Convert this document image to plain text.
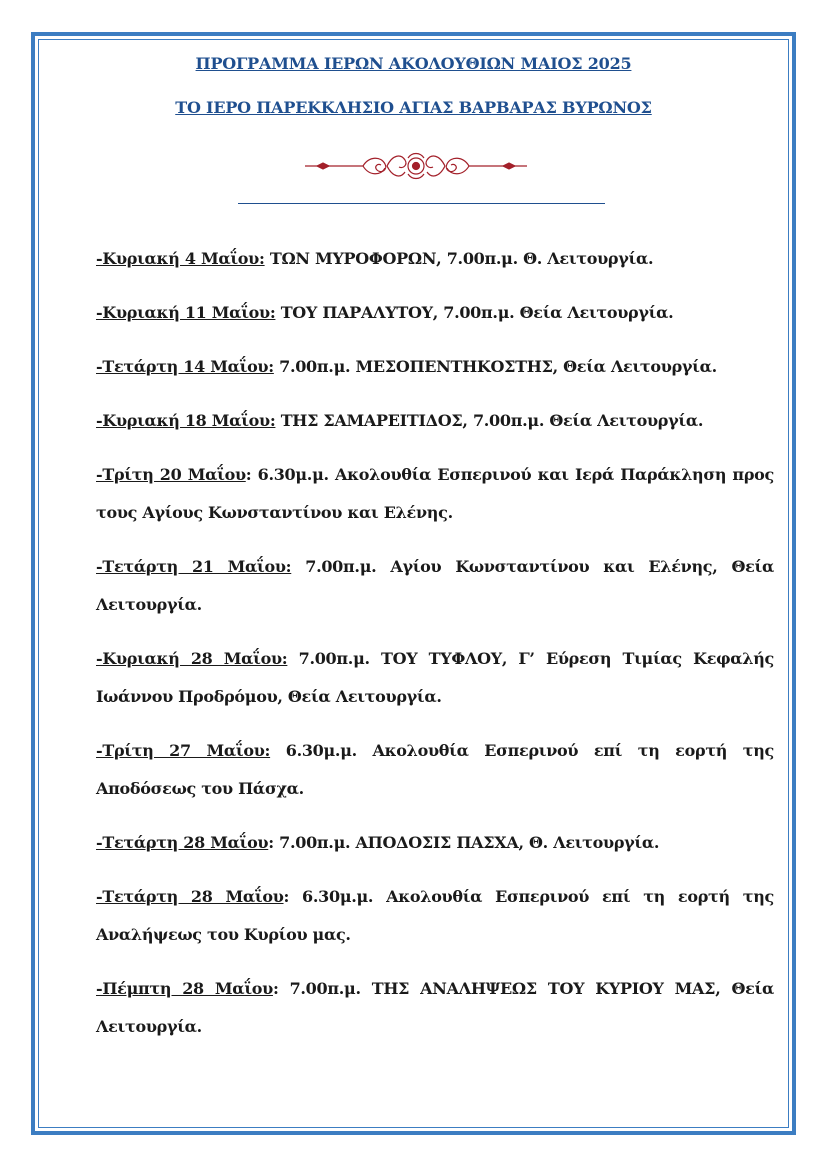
ΠΡΟΓΡΑΜΜΑ ΙΕΡΩΝ ΑΚΟΛΟΥΘΙΩΝ ΜΑΙΟΣ 2025
ΤΟ ΙΕΡΟ ΠΑΡΕΚΚΛΗΣΙΟ ΑΓΙΑΣ ΒΑΡΒΑΡΑΣ ΒΥΡΩΝΟΣ

-Κυριακή 4 Μαΐου: ΤΩΝ ΜΥΡΟΦΟΡΩΝ, 7.00π.μ. Θ. Λειτουργία.

-Κυριακή 11 Μαΐου: ΤΟΥ ΠΑΡΑΛΥΤΟΥ, 7.00π.μ. Θεία Λειτουργία.

-Τετάρτη 14 Μαΐου: 7.00π.μ. ΜΕΣΟΠΕΝΤΗΚΟΣΤΗΣ, Θεία Λειτουργία.

-Κυριακή 18 Μαΐου: ΤΗΣ ΣΑΜΑΡΕΙΤΙΔΟΣ, 7.00π.μ. Θεία Λειτουργία.

-Τρίτη 20 Μαΐου: 6.30μ.μ. Ακολουθία Εσπερινού και Ιερά Παράκληση προς τους Αγίους Κωνσταντίνου και Ελένης.

-Τετάρτη 21 Μαΐου: 7.00π.μ. Αγίου Κωνσταντίνου και Ελένης, Θεία Λειτουργία.

-Κυριακή 28 Μαΐου: 7.00π.μ. ΤΟΥ ΤΥΦΛΟΥ, Γ’ Εύρεση Τιμίας Κεφαλής Ιωάννου Προδρόμου, Θεία Λειτουργία.

-Τρίτη 27 Μαΐου: 6.30μ.μ. Ακολουθία Εσπερινού επί τη εορτή της Αποδόσεως του Πάσχα.

-Τετάρτη 28 Μαΐου: 7.00π.μ. ΑΠΟΔΟΣΙΣ ΠΑΣΧΑ, Θ. Λειτουργία.

-Τετάρτη 28 Μαΐου: 6.30μ.μ. Ακολουθία Εσπερινού επί τη εορτή της Αναλήψεως του Κυρίου μας.

-Πέμπτη 28 Μαΐου: 7.00π.μ. ΤΗΣ ΑΝΑΛΗΨΕΩΣ ΤΟΥ ΚΥΡΙΟΥ ΜΑΣ, Θεία Λειτουργία.
